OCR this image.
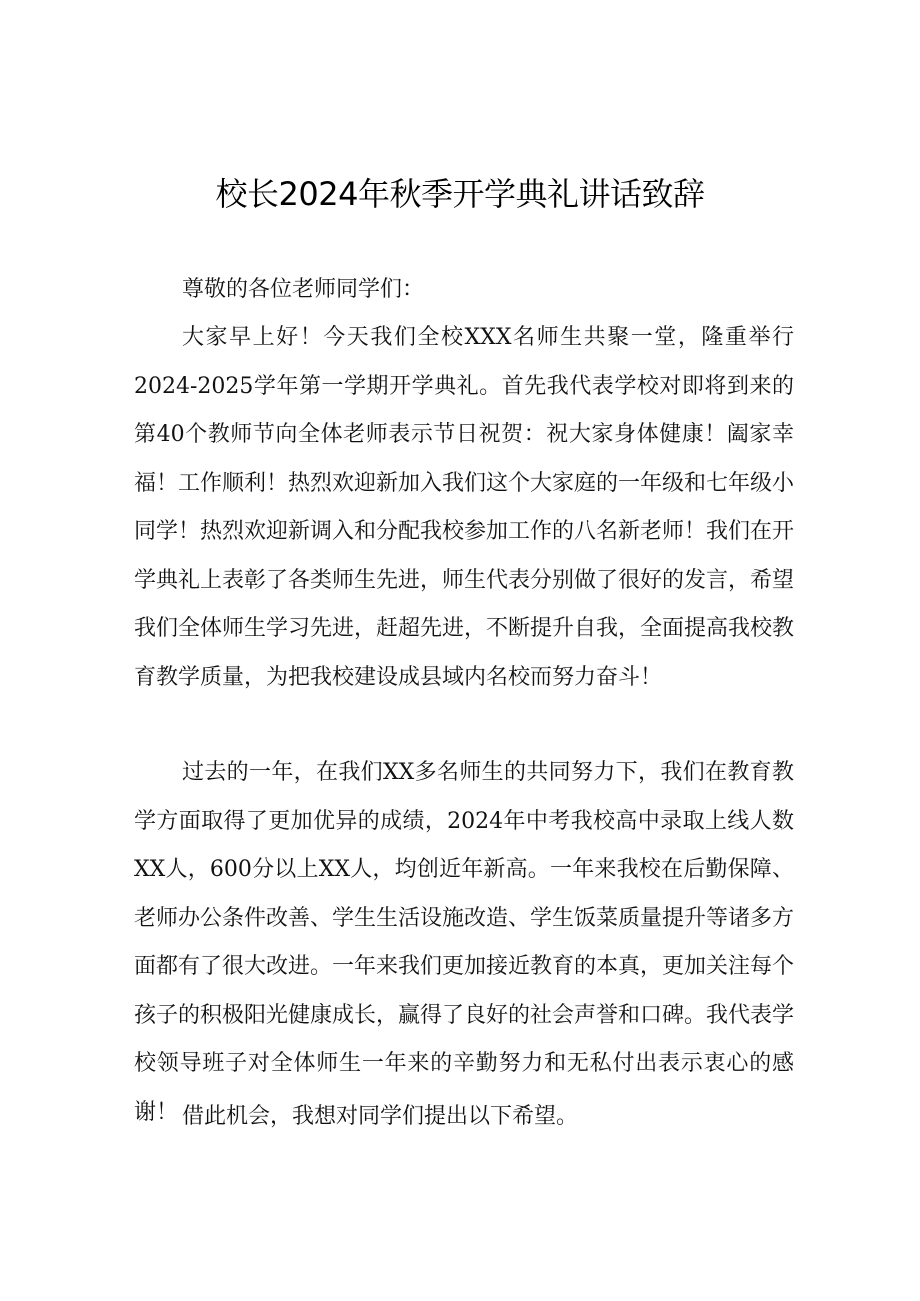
校长2024年秋季开学典礼讲话致辞
尊敬的各位老师同学们：
大家早上好！今天我们全校XXX名师生共聚一堂，隆重举行2024-2025学年第一学期开学典礼。首先我代表学校对即将到来的第40个教师节向全体老师表示节日祝贺：祝大家身体健康！阖家幸福！工作顺利！热烈欢迎新加入我们这个大家庭的一年级和七年级小同学！热烈欢迎新调入和分配我校参加工作的八名新老师！我们在开学典礼上表彰了各类师生先进，师生代表分别做了很好的发言，希望我们全体师生学习先进，赶超先进，不断提升自我，全面提高我校教育教学质量，为把我校建设成县域内名校而努力奋斗！
过去的一年，在我们XX多名师生的共同努力下，我们在教育教学方面取得了更加优异的成绩，2024年中考我校高中录取上线人数XX人，600分以上XX人，均创近年新高。一年来我校在后勤保障、老师办公条件改善、学生生活设施改造、学生饭菜质量提升等诸多方面都有了很大改进。一年来我们更加接近教育的本真，更加关注每个孩子的积极阳光健康成长，赢得了良好的社会声誉和口碑。我代表学校领导班子对全体师生一年来的辛勤努力和无私付出表示衷心的感谢！ 借此机会，我想对同学们提出以下希望。
